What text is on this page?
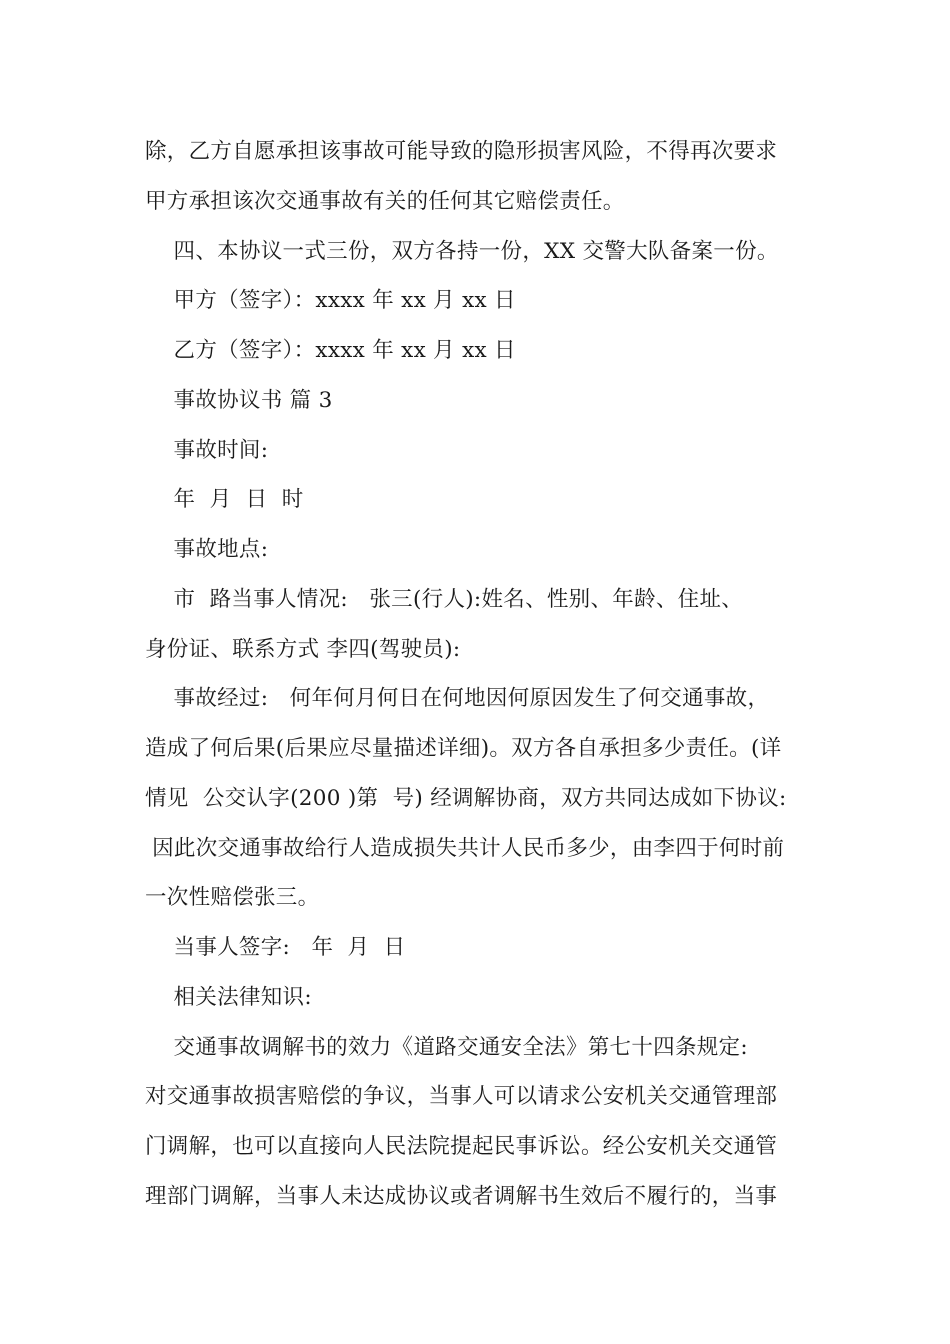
除，乙方自愿承担该事故可能导致的隐形损害风险，不得再次要求
甲方承担该次交通事故有关的任何其它赔偿责任。
四、本协议一式三份，双方各持一份，XX 交警大队备案一份。
甲方（签字）：xxxx 年 xx 月 xx 日
乙方（签字）：xxxx 年 xx 月 xx 日
事故协议书 篇 3
事故时间:
年  月  日  时
事故地点:
市  路当事人情况:   张三(行人):姓名、性别、年龄、住址、
身份证、联系方式 李四(驾驶员):
事故经过:   何年何月何日在何地因何原因发生了何交通事故，
造成了何后果(后果应尽量描述详细)。双方各自承担多少责任。(详
情见  公交认字(200 )第  号) 经调解协商，双方共同达成如下协议:
因此次交通事故给行人造成损失共计人民币多少，由李四于何时前
一次性赔偿张三。
当事人签字:   年  月  日
相关法律知识:
交通事故调解书的效力《道路交通安全法》第七十四条规定:
对交通事故损害赔偿的争议，当事人可以请求公安机关交通管理部
门调解，也可以直接向人民法院提起民事诉讼。经公安机关交通管
理部门调解，当事人未达成协议或者调解书生效后不履行的，当事
